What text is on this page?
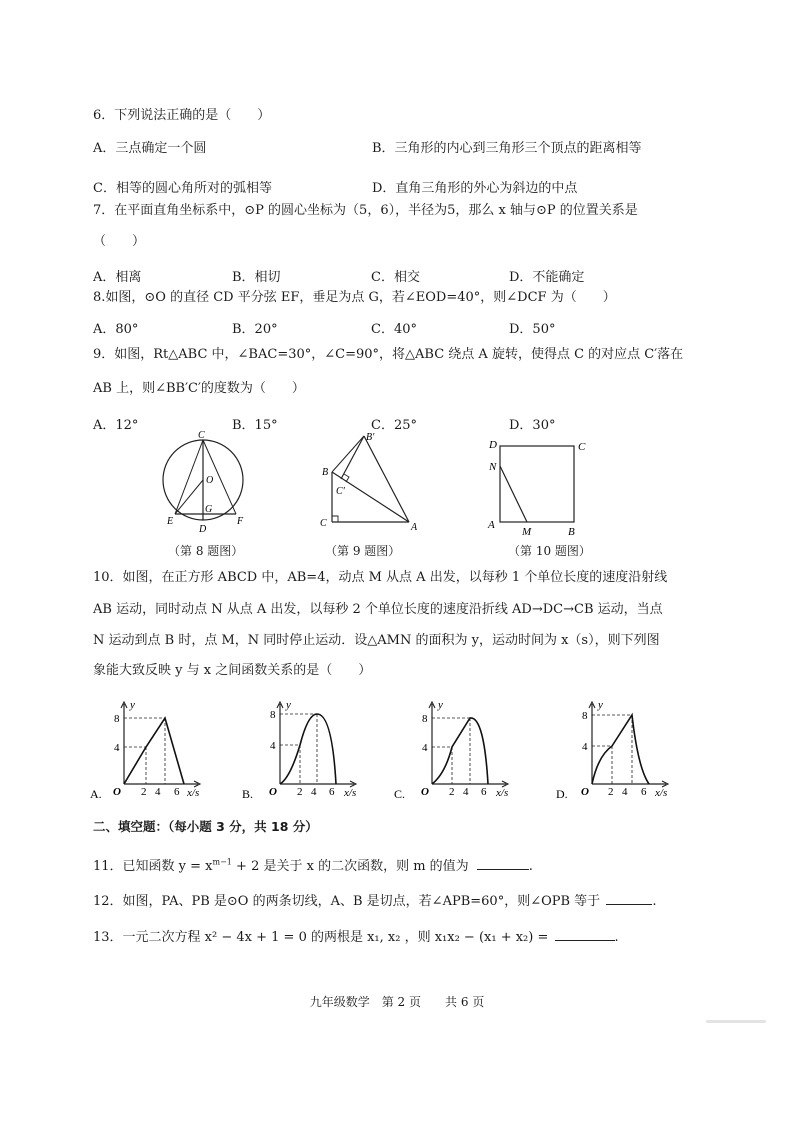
6．下列说法正确的是（　　）
A．三点确定一个圆	B．三角形的内心到三角形三个顶点的距离相等
C．相等的圆心角所对的弧相等	D．直角三角形的外心为斜边的中点
7．在平面直角坐标系中，⊙P 的圆心坐标为（5，6），半径为5，那么 x 轴与⊙P 的位置关系是
（　　）
A．相离	B．相切	C．相交	D．不能确定
8.如图，⊙O 的直径 CD 平分弦 EF，垂足为点 G，若∠EOD=40°，则∠DCF 为（　　）
A．80°	B．20°	C．40°	D．50°
9．如图，Rt△ABC 中，∠BAC=30°，∠C=90°，将△ABC 绕点 A 旋转，使得点 C 的对应点 C′落在
AB 上，则∠BB′C′的度数为（　　）
A．12°	B．15°	C．25°	D．30°
C
O
G
E	F
D
（第 8 题图）
B′
B
C′
C	A
（第 9 题图）
D	C
N
A
M	B
（第 10 题图）
10．如图，在正方形 ABCD 中，AB=4，动点 M 从点 A 出发，以每秒 1 个单位长度的速度沿射线
AB 运动，同时动点 N 从点 A 出发，以每秒 2 个单位长度的速度沿折线 AD→DC→CB 运动，当点
N 运动到点 B 时，点 M，N 同时停止运动．设△AMN 的面积为 y，运动时间为 x（s），则下列图
象能大致反映 y 与 x 之间函数关系的是（　　）
A.
y
8
4
O 2 4 6 x/s	B.
y
8
4
O 2 4 6 x/s	C.
y
8
4
O 2 4 6 x/s	D.
y
8
4
O 2 4 6 x/s
二、填空题：（每小题 3 分，共 18 分）
11．已知函数 $y = x^{m-1} + 2$ 是关于 x 的二次函数，则 m 的值为	.
12．如图，PA、PB 是⊙O 的两条切线，A、B 是切点，若∠APB=60°，则∠OPB 等于	.
13．一元二次方程 x² − 4x + 1 = 0 的两根是 x₁, x₂ ，则 x₁x₂ − (x₁ + x₂) =	.
九年级数学　第 2 页　　共 6 页
